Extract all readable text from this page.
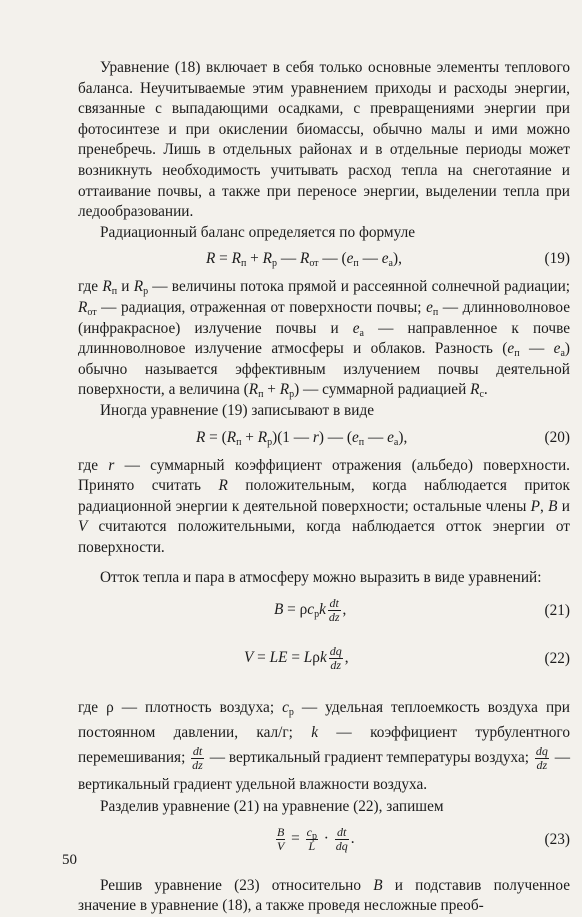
Уравнение (18) включает в себя только основные элементы теплового баланса. Неучитываемые этим уравнением приходы и расходы энергии, связанные с выпадающими осадками, с превращениями энергии при фотосинтезе и при окислении биомассы, обычно малы и ими можно пренебречь. Лишь в отдельных районах и в отдельные периоды может возникнуть необходимость учитывать расход тепла на снеготаяние и оттаивание почвы, а также при переносе энергии, выделении тепла при ледообразовании.

Радиационный баланс определяется по формуле

$R = R_п + R_р$ — $R_{от}$ — ($e_п$ — $e_а$),	(19)

где $R_п$ и $R_р$ — величины потока прямой и рассеянной солнечной радиации; $R_{от}$ — радиация, отраженная от поверхности почвы; $e_п$ — длинноволновое (инфракрасное) излучение почвы и $e_а$ — направленное к почве длинноволновое излучение атмосферы и облаков. Разность ($e_п$ — $e_а$) обычно называется эффективным излучением почвы деятельной поверхности, а величина $(R_п + R_р)$ — суммарной радиацией $R_с$.

Иногда уравнение (19) записывают в виде

$R = (R_п + R_р)(1$ — r) — ($e_п$ — $e_а$),	(20)

где r — суммарный коэффициент отражения (альбедо) поверхности. Принято считать R положительным, когда наблюдается приток радиационной энергии к деятельной поверхности; остальные члены P, B и V считаются положительными, когда наблюдается отток энергии от поверхности.

Отток тепла и пара в атмосферу можно выразить в виде уравнений:

$B = \rho c_рk \frac{dt}{dz}$ ,	(21)
V = LE = Lρk $\frac{dq}{dz}$ ,	(22)

где ρ — плотность воздуха; $c_р$ — удельная теплоемкость воздуха при постоянном давлении, кал/г; k — коэффициент турбулентного перемешивания; $\frac{dt}{dz}$ — вертикальный градиент температуры воздуха; $\frac{dq}{dz}$ — вертикальный градиент удельной влажности воздуха.

Разделив уравнение (21) на уравнение (22), запишем

$\frac{B}{V} = \frac{c_р}{L} \cdot \frac{dt}{dq}$ .	(23)

Решив уравнение (23) относительно B и подставив полученное значение в уравнение (18), а также проведя несложные преоб-

50
